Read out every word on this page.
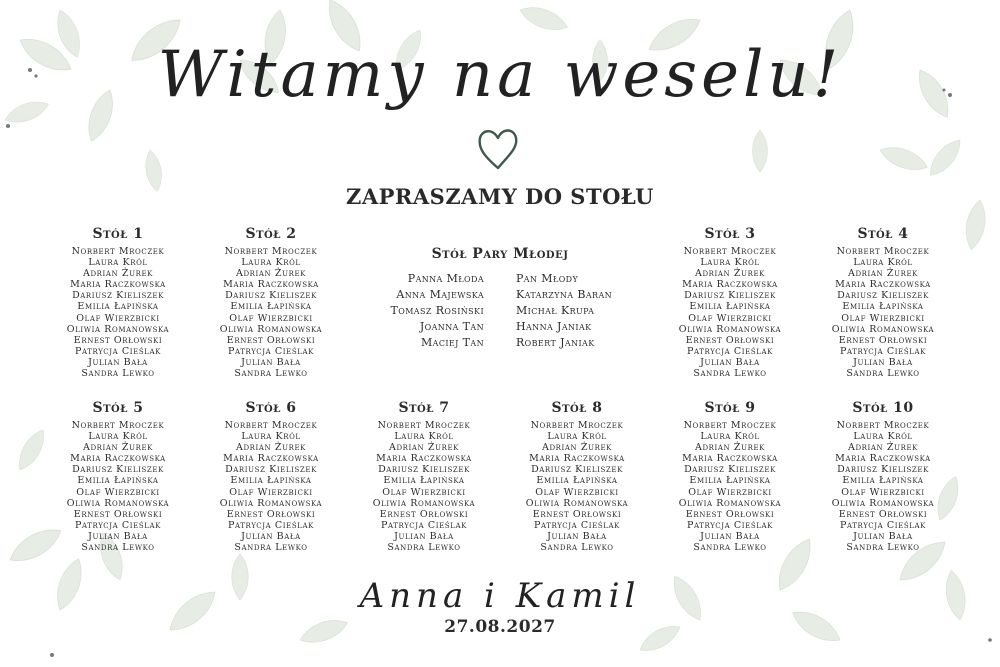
Witamy na weselu!
ZAPRASZAMY DO STOŁU
Stół 1
Norbert Mroczek
Laura Król
Adrian Żurek
Maria Raczkowska
Dariusz Kieliszek
Emilia Łapińska
Olaf Wierzbicki
Oliwia Romanowska
Ernest Orłowski
Patrycja Cieślak
Julian Bała
Sandra Lewko
Stół 2
Norbert Mroczek
Laura Król
Adrian Żurek
Maria Raczkowska
Dariusz Kieliszek
Emilia Łapińska
Olaf Wierzbicki
Oliwia Romanowska
Ernest Orłowski
Patrycja Cieślak
Julian Bała
Sandra Lewko
Stół 3
Norbert Mroczek
Laura Król
Adrian Żurek
Maria Raczkowska
Dariusz Kieliszek
Emilia Łapińska
Olaf Wierzbicki
Oliwia Romanowska
Ernest Orłowski
Patrycja Cieślak
Julian Bała
Sandra Lewko
Stół 4
Norbert Mroczek
Laura Król
Adrian Żurek
Maria Raczkowska
Dariusz Kieliszek
Emilia Łapińska
Olaf Wierzbicki
Oliwia Romanowska
Ernest Orłowski
Patrycja Cieślak
Julian Bała
Sandra Lewko
Stół Pary Młodej
Panna Młoda	Pan Młody
Anna Majewska	Katarzyna Baran
Tomasz Rosiński	Michał Krupa
Joanna Tan	Hanna Janiak
Maciej Tan	Robert Janiak
Stół 5
Norbert Mroczek
Laura Król
Adrian Żurek
Maria Raczkowska
Dariusz Kieliszek
Emilia Łapińska
Olaf Wierzbicki
Oliwia Romanowska
Ernest Orłowski
Patrycja Cieślak
Julian Bała
Sandra Lewko
Stół 6
Norbert Mroczek
Laura Król
Adrian Żurek
Maria Raczkowska
Dariusz Kieliszek
Emilia Łapińska
Olaf Wierzbicki
Oliwia Romanowska
Ernest Orłowski
Patrycja Cieślak
Julian Bała
Sandra Lewko
Stół 7
Norbert Mroczek
Laura Król
Adrian Żurek
Maria Raczkowska
Dariusz Kieliszek
Emilia Łapińska
Olaf Wierzbicki
Oliwia Romanowska
Ernest Orłowski
Patrycja Cieślak
Julian Bała
Sandra Lewko
Stół 8
Norbert Mroczek
Laura Król
Adrian Żurek
Maria Raczkowska
Dariusz Kieliszek
Emilia Łapińska
Olaf Wierzbicki
Oliwia Romanowska
Ernest Orłowski
Patrycja Cieślak
Julian Bała
Sandra Lewko
Stół 9
Norbert Mroczek
Laura Król
Adrian Żurek
Maria Raczkowska
Dariusz Kieliszek
Emilia Łapińska
Olaf Wierzbicki
Oliwia Romanowska
Ernest Orłowski
Patrycja Cieślak
Julian Bała
Sandra Lewko
Stół 10
Norbert Mroczek
Laura Król
Adrian Żurek
Maria Raczkowska
Dariusz Kieliszek
Emilia Łapińska
Olaf Wierzbicki
Oliwia Romanowska
Ernest Orłowski
Patrycja Cieślak
Julian Bała
Sandra Lewko
Anna i Kamil
27.08.2027
